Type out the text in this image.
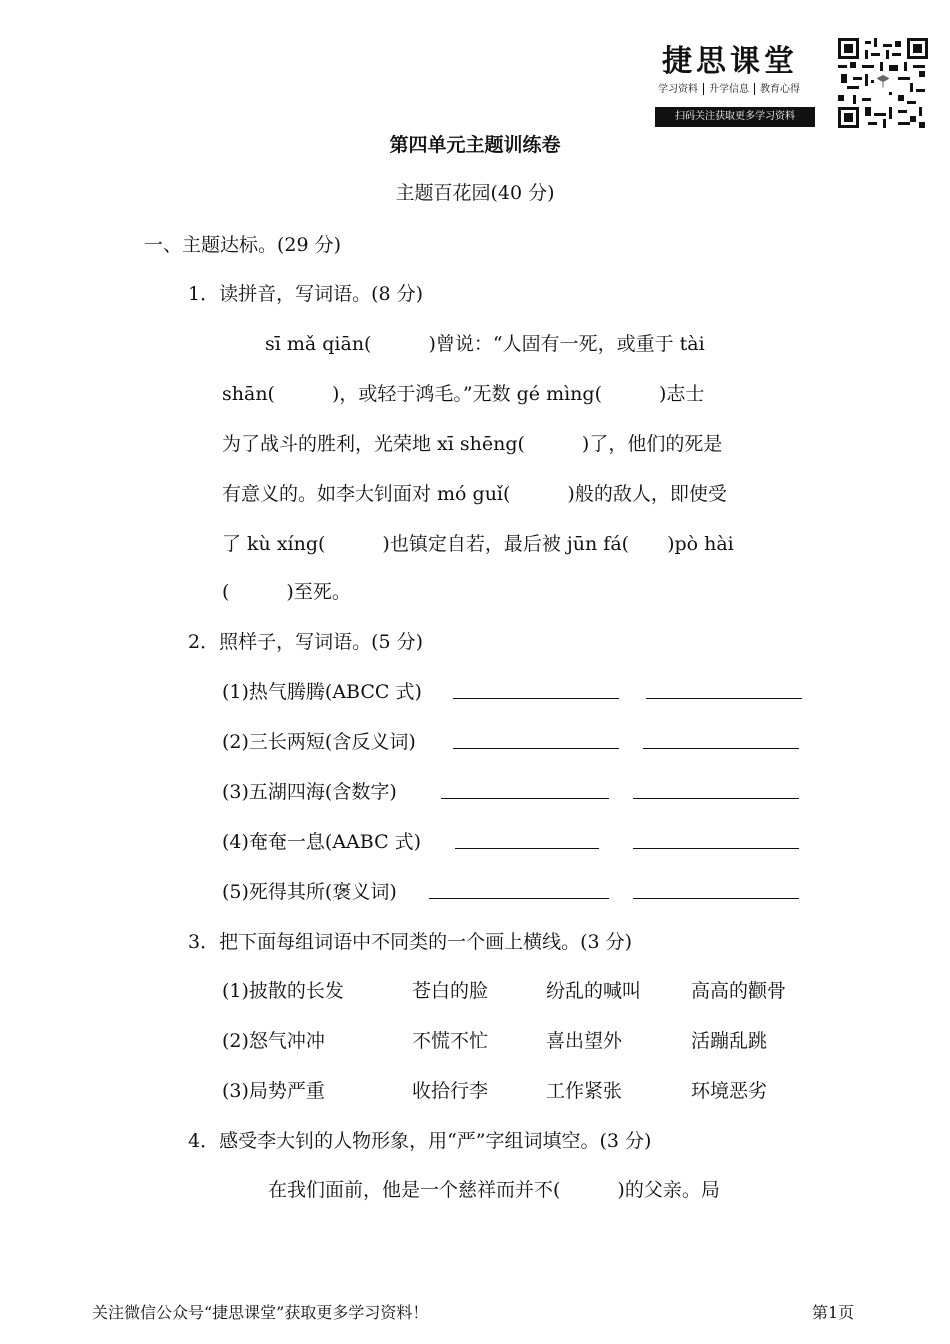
捷思课堂
学习资料 升学信息 教育心得
扫码关注获取更多学习资料
第四单元主题训练卷
主题百花园(40 分)
一、主题达标。(29 分)
1．读拼音，写词语。(8 分)
sī mǎ qiān(　　　)曾说：“人固有一死，或重于 tài
shān(　　　)，或轻于鸿毛。”无数 gé mìng(　　　)志士
为了战斗的胜利，光荣地 xī shēng(　　　)了，他们的死是
有意义的。如李大钊面对 mó guǐ(　　　)般的敌人，即使受
了 kù xíng(　　　)也镇定自若，最后被 jūn fá(　　)pò hài
(　　　)至死。
2．照样子，写词语。(5 分)
(1)热气腾腾(ABCC 式)
(2)三长两短(含反义词)
(3)五湖四海(含数字)
(4)奄奄一息(AABC 式)
(5)死得其所(褒义词)
3．把下面每组词语中不同类的一个画上横线。(3 分)
(1)披散的长发	苍白的脸	纷乱的喊叫	高高的颧骨
(2)怒气冲冲	不慌不忙	喜出望外	活蹦乱跳
(3)局势严重	收拾行李	工作紧张	环境恶劣
4．感受李大钊的人物形象，用“严”字组词填空。(3 分)
在我们面前，他是一个慈祥而并不(　　　)的父亲。局
关注微信公众号“捷思课堂”获取更多学习资料！	第1页
